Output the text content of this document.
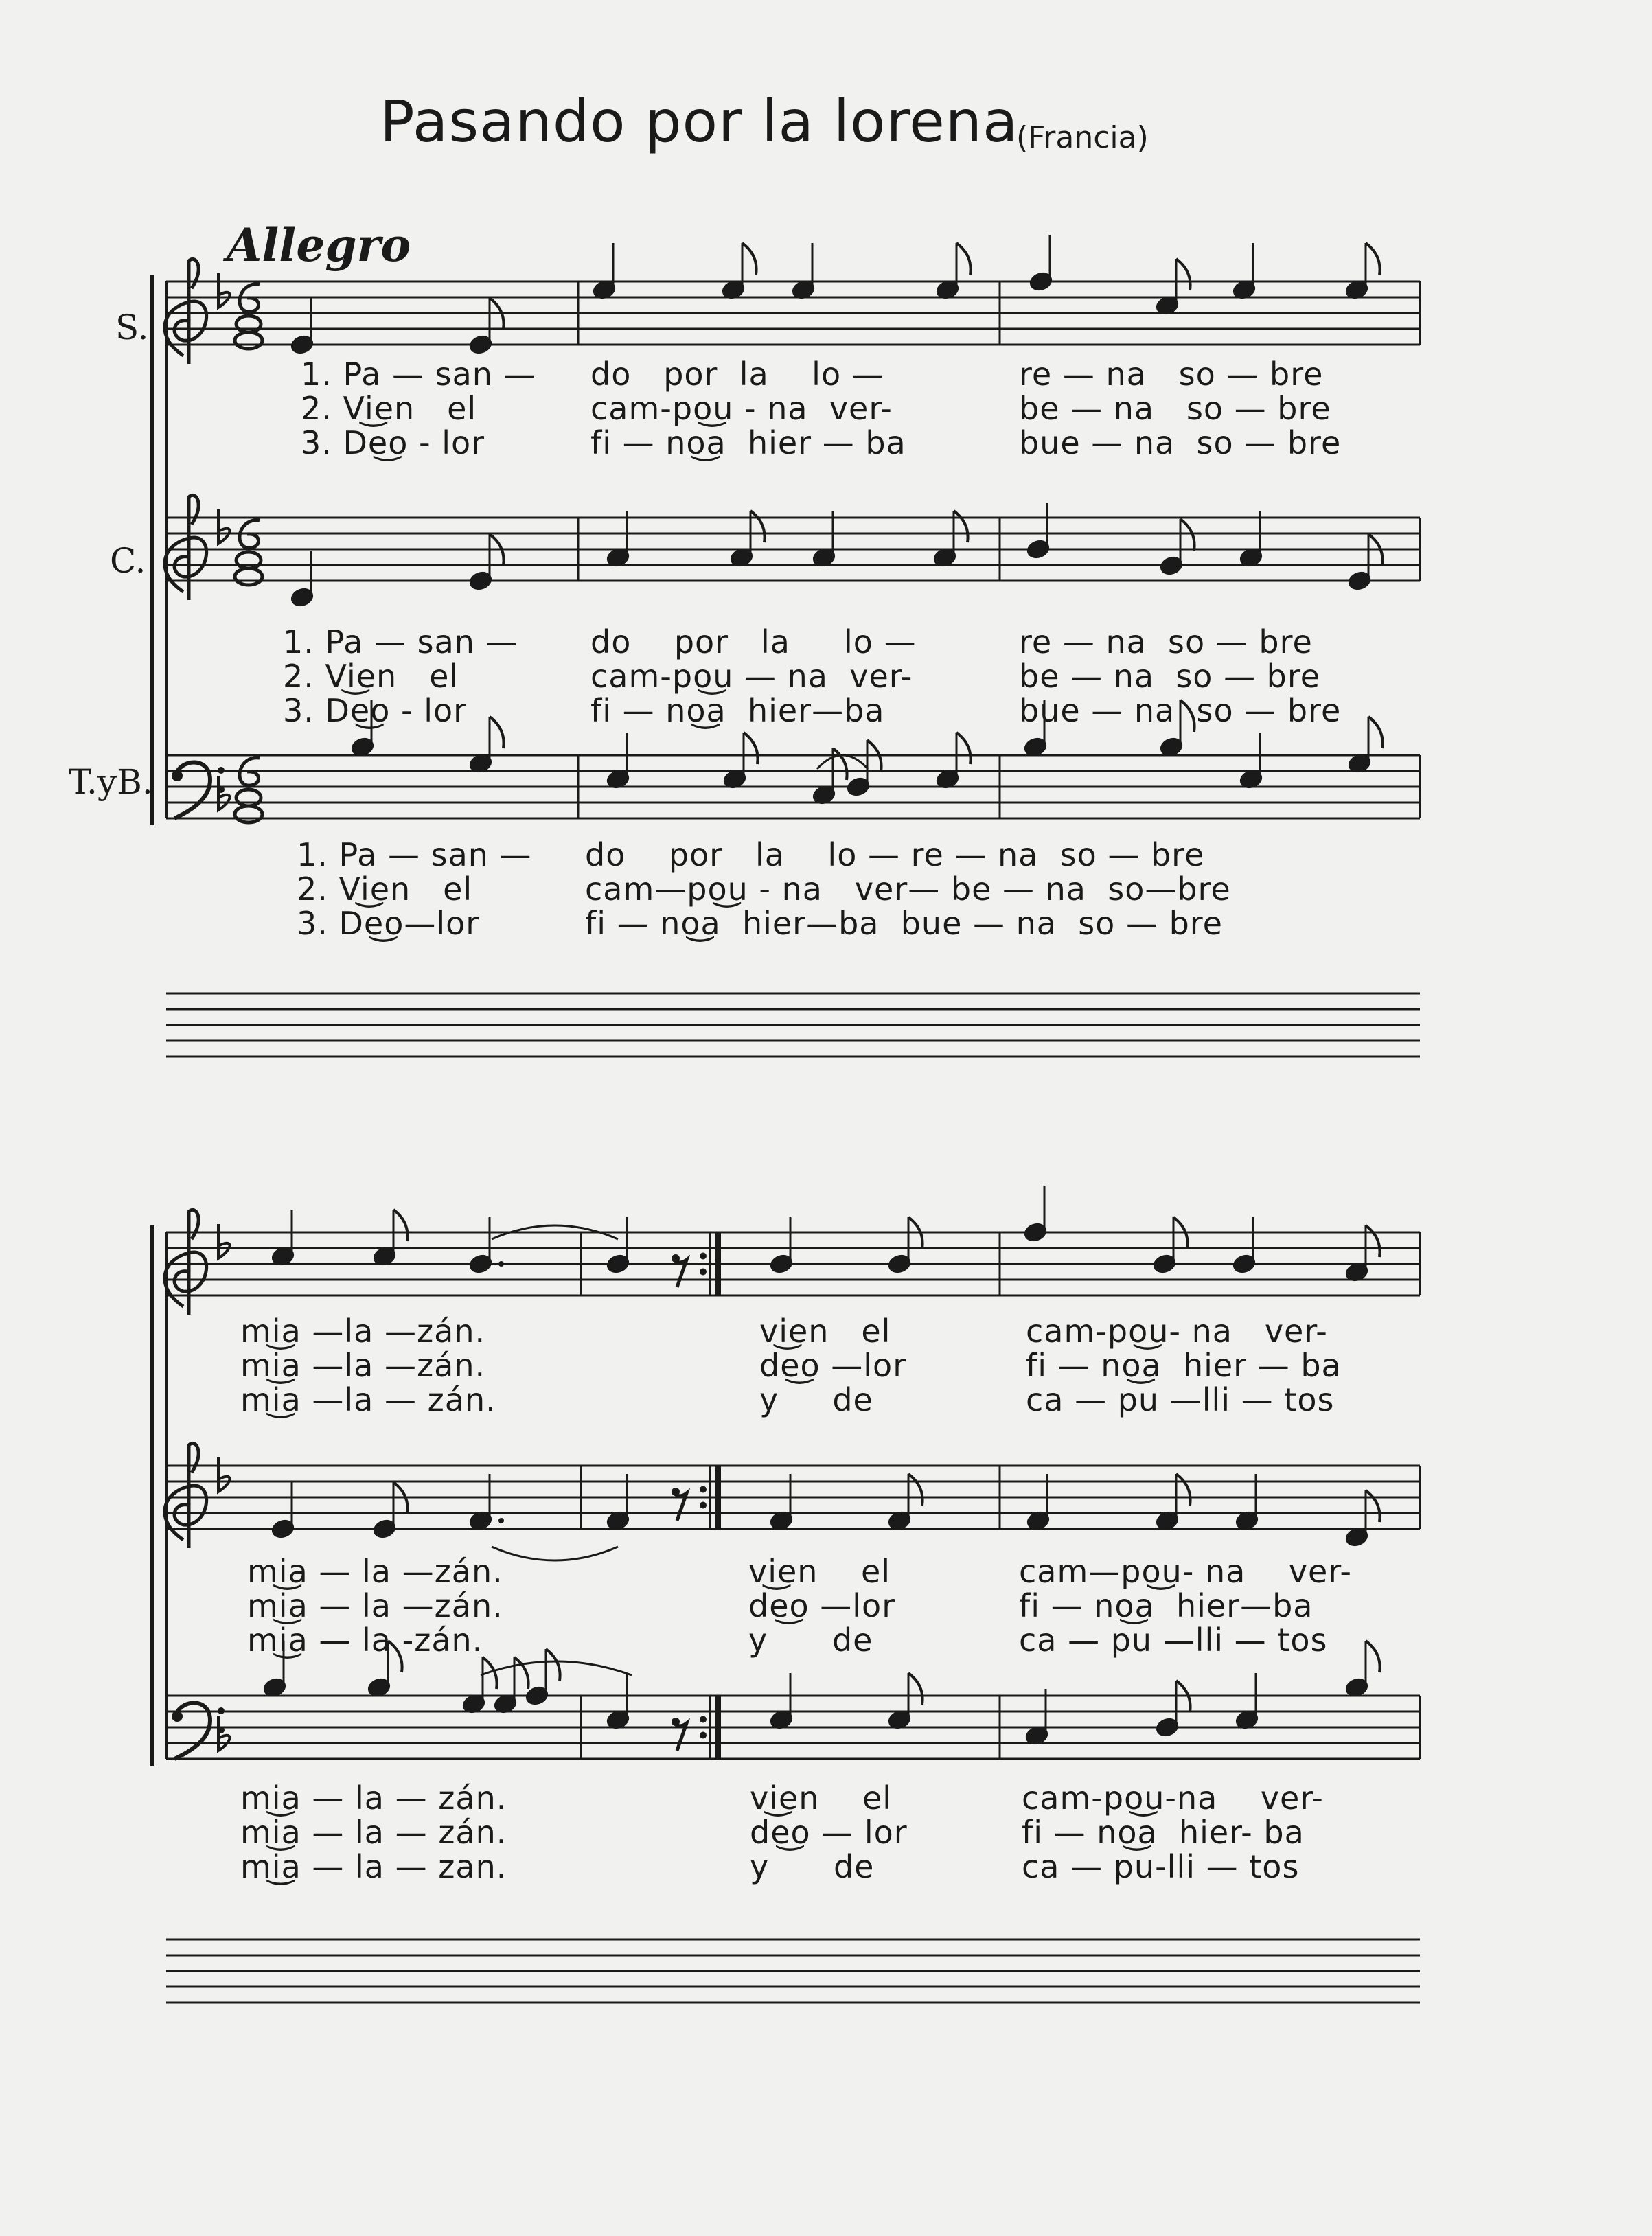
Pasando por la lorena
(Francia)
Allegro
S.
C.
T.yB.
1. Pa — san — do   por  la    lo —	re — na   so — bre
2. Vi͜en   el	cam-po͜u - na  ver-	be — na   so — bre
3. De͜o - lor	fi — no͜a  hier — ba	bue — na  so — bre
1. Pa — san — do    por   la     lo —	re — na  so — bre
2. Vi͜en   el	cam-po͜u — na  ver-	be — na  so — bre
3. De͜o - lor	fi — no͜a  hier—ba	bue — na  so — bre
1. Pa — san — do    por   la    lo — re — na  so — bre
2. Vi͜en   el	cam—po͜u - na   ver— be — na  so—bre
3. De͜o—lor	fi — no͜a  hier—ba  bue — na  so — bre
mi͜a —la —zán.	vi͜en   el	cam-po͜u- na   ver-
mi͜a —la —zán.	de͜o —lor	fi — no͜a  hier — ba
mi͜a —la — zán.	y     de	ca — pu —lli — tos
mi͜a — la —zán.	vi͜en    el	cam—po͜u- na    ver-
mi͜a — la —zán.	de͜o —lor	fi — no͜a  hier—ba
mi͜a — la -zán.	y      de	ca — pu —lli — tos
mi͜a — la — zán.	vi͜en    el	cam-po͜u-na    ver-
mi͜a — la — zán.	de͜o — lor	fi — no͜a  hier- ba
mi͜a — la — zan.	y      de	ca — pu-lli — tos
